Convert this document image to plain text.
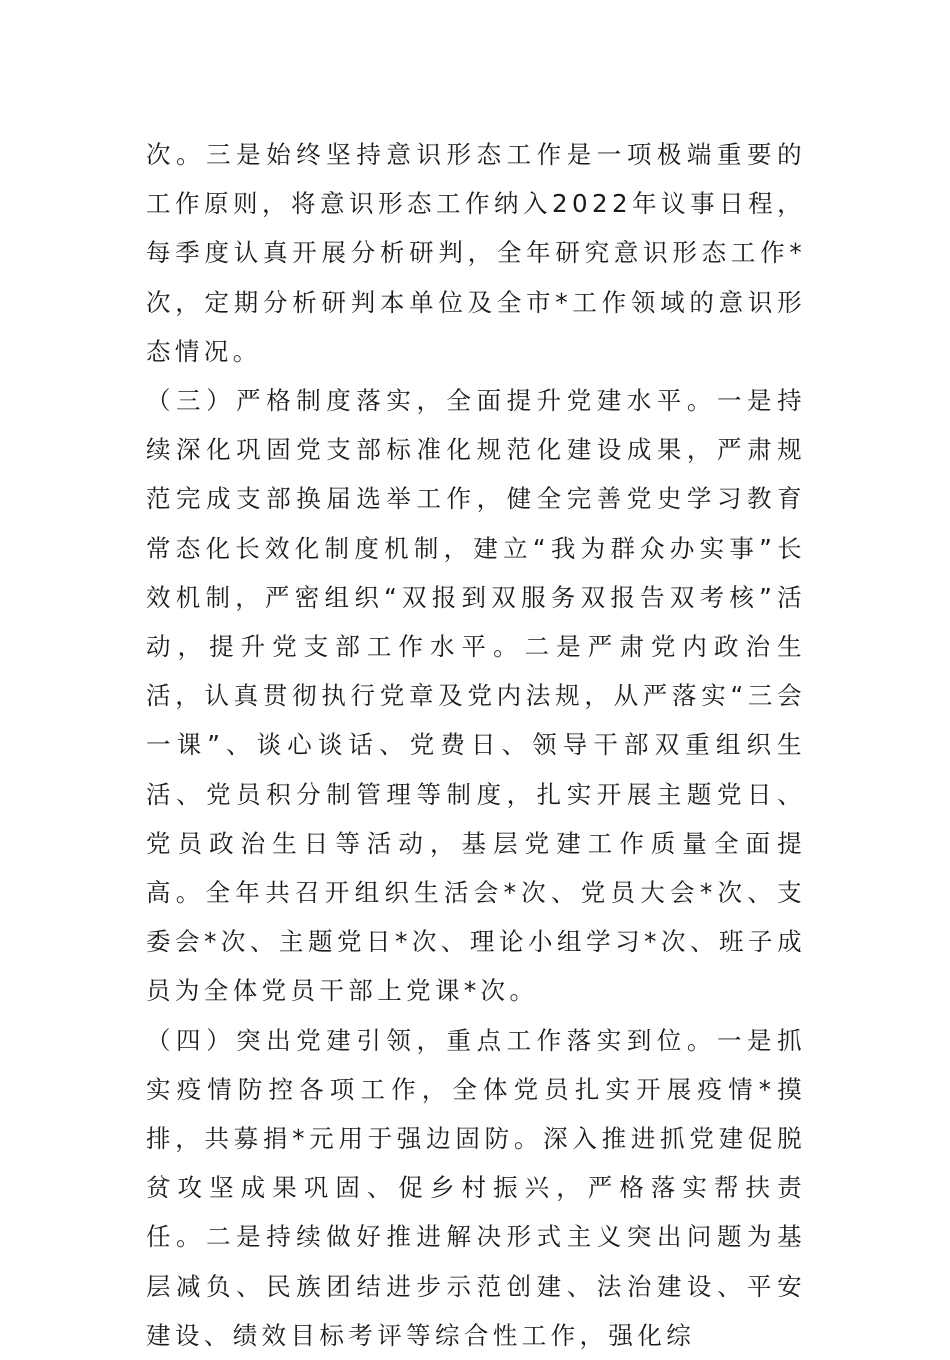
次。三是始终坚持意识形态工作是一项极端重要的工作原则，将意识形态工作纳入2022年议事日程，每季度认真开展分析研判，全年研究意识形态工作*次，定期分析研判本单位及全市*工作领域的意识形态情况。

（三）严格制度落实，全面提升党建水平。一是持续深化巩固党支部标准化规范化建设成果，严肃规范完成支部换届选举工作，健全完善党史学习教育常态化长效化制度机制，建立“我为群众办实事”长效机制，严密组织“双报到双服务双报告双考核”活动，提升党支部工作水平。二是严肃党内政治生活，认真贯彻执行党章及党内法规，从严落实“三会一课”、谈心谈话、党费日、领导干部双重组织生活、党员积分制管理等制度，扎实开展主题党日、党员政治生日等活动，基层党建工作质量全面提高。全年共召开组织生活会*次、党员大会*次、支委会*次、主题党日*次、理论小组学习*次、班子成员为全体党员干部上党课*次。

（四）突出党建引领，重点工作落实到位。一是抓实疫情防控各项工作，全体党员扎实开展疫情*摸排，共募捐*元用于强边固防。深入推进抓党建促脱贫攻坚成果巩固、促乡村振兴，严格落实帮扶责任。二是持续做好推进解决形式主义突出问题为基层减负、民族团结进步示范创建、法治建设、平安建设、绩效目标考评等综合性工作，强化综
